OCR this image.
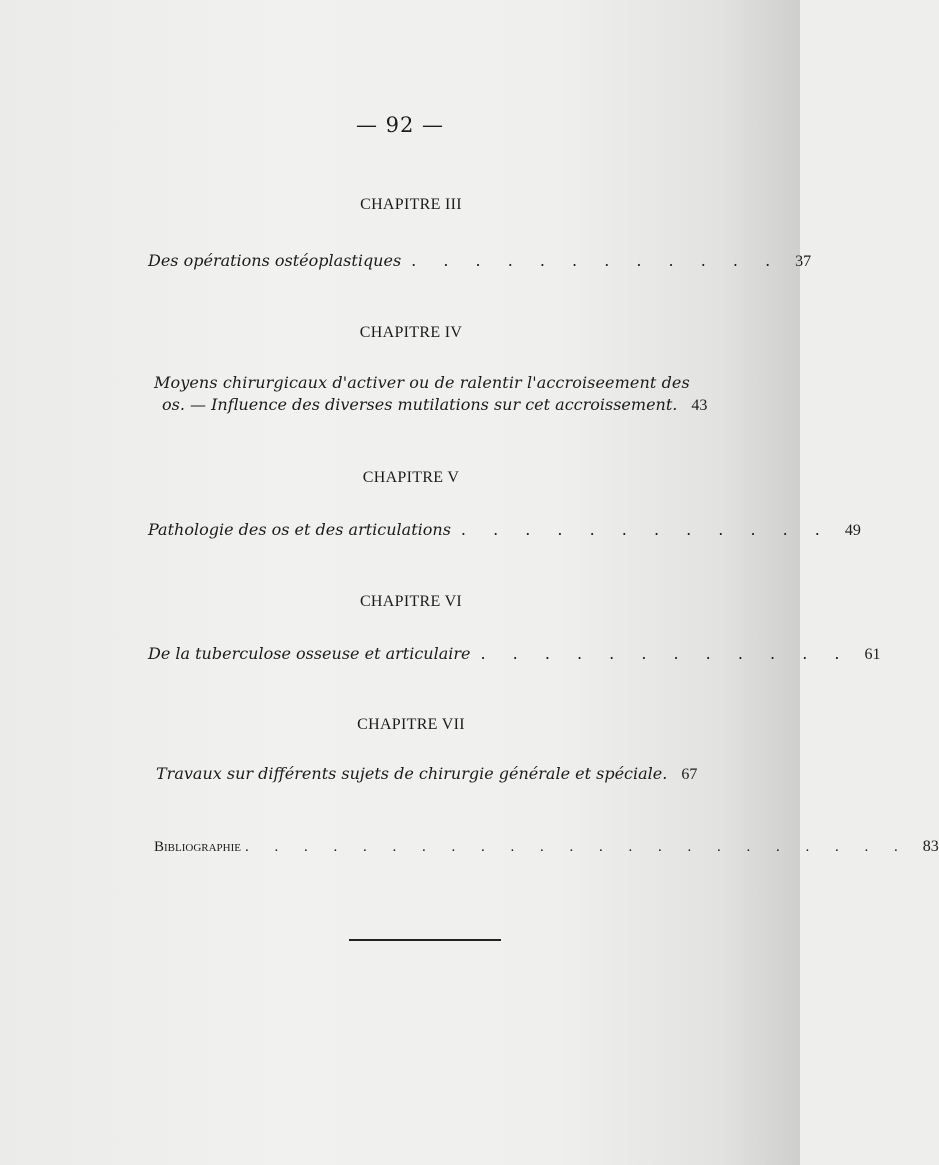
— 92 —
CHAPITRE III
Des opérations ostéoplastiques . . . . . . . . . . . . 37
CHAPITRE IV
Moyens chirurgicaux d'activer ou de ralentir l'accroiseement des
os. — Influence des diverses mutilations sur cet accroissement. 43
CHAPITRE V
Pathologie des os et des articulations . . . . . . . . . . . . 49
CHAPITRE VI
De la tuberculose osseuse et articulaire . . . . . . . . . . . . 61
CHAPITRE VII
Travaux sur différents sujets de chirurgie générale et spéciale. 67
Bibliographie . . . . . . . . . . . . . . . . . . . . . . . 83
